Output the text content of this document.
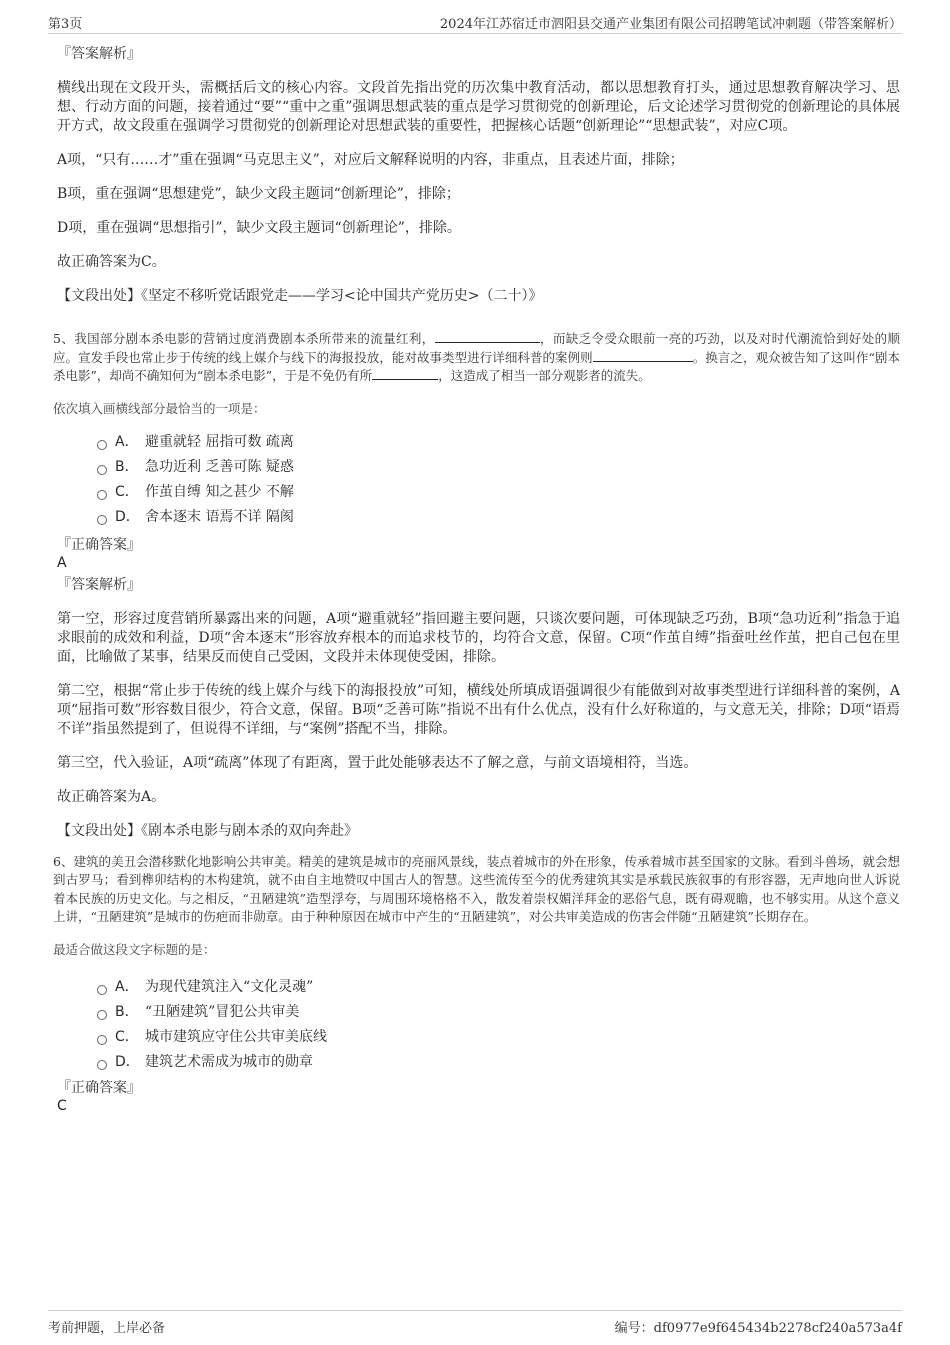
第3页	2024年江苏宿迁市泗阳县交通产业集团有限公司招聘笔试冲刺题（带答案解析）
『答案解析』

横线出现在文段开头，需概括后文的核心内容。文段首先指出党的历次集中教育活动，都以思想教育打头，通过思想教育解决学习、思想、行动方面的问题，接着通过“要”“重中之重”强调思想武装的重点是学习贯彻党的创新理论，后文论述学习贯彻党的创新理论的具体展开方式，故文段重在强调学习贯彻党的创新理论对思想武装的重要性，把握核心话题“创新理论”“思想武装”，对应C项。

A项，“只有……才”重在强调“马克思主义”，对应后文解释说明的内容，非重点，且表述片面，排除；

B项，重在强调“思想建党”，缺少文段主题词“创新理论”，排除；

D项，重在强调“思想指引”，缺少文段主题词“创新理论”，排除。

故正确答案为C。

【文段出处】《坚定不移听党话跟党走——学习<论中国共产党历史>（二十）》

5、我国部分剧本杀电影的营销过度消费剧本杀所带来的流量红利，	，而缺乏令受众眼前一亮的巧劲，以及对时代潮流恰到好处的顺应。宣发手段也常止步于传统的线上媒介与线下的海报投放，能对故事类型进行详细科普的案例则	。换言之，观众被告知了这叫作“剧本杀电影”，却尚不确知何为“剧本杀电影”，于是不免仍有所	，这造成了相当一部分观影者的流失。

依次填入画横线部分最恰当的一项是：
A． 避重就轻 屈指可数 疏离
B． 急功近利 乏善可陈 疑惑
C． 作茧自缚 知之甚少 不解
D． 舍本逐末 语焉不详 隔阂
『正确答案』
A
『答案解析』

第一空，形容过度营销所暴露出来的问题，A项“避重就轻”指回避主要问题，只谈次要问题，可体现缺乏巧劲，B项“急功近利”指急于追求眼前的成效和利益，D项“舍本逐末”形容放弃根本的而追求枝节的，均符合文意，保留。C项“作茧自缚”指蚕吐丝作茧，把自己包在里面，比喻做了某事，结果反而使自己受困，文段并未体现使受困，排除。

第二空，根据“常止步于传统的线上媒介与线下的海报投放”可知，横线处所填成语强调很少有能做到对故事类型进行详细科普的案例，A项“屈指可数”形容数目很少，符合文意，保留。B项“乏善可陈”指说不出有什么优点，没有什么好称道的，与文意无关，排除；D项“语焉不详”指虽然提到了，但说得不详细，与“案例”搭配不当，排除。

第三空，代入验证，A项“疏离”体现了有距离，置于此处能够表达不了解之意，与前文语境相符，当选。

故正确答案为A。

【文段出处】《剧本杀电影与剧本杀的双向奔赴》

6、建筑的美丑会潜移默化地影响公共审美。精美的建筑是城市的亮丽风景线，装点着城市的外在形象，传承着城市甚至国家的文脉。看到斗兽场，就会想到古罗马；看到榫卯结构的木构建筑，就不由自主地赞叹中国古人的智慧。这些流传至今的优秀建筑其实是承载民族叙事的有形容器，无声地向世人诉说着本民族的历史文化。与之相反，“丑陋建筑”造型浮夸，与周围环境格格不入，散发着崇权媚洋拜金的恶俗气息，既有碍观瞻，也不够实用。从这个意义上讲，“丑陋建筑”是城市的伤疤而非勋章。由于种种原因在城市中产生的“丑陋建筑”，对公共审美造成的伤害会伴随“丑陋建筑”长期存在。

最适合做这段文字标题的是：
A． 为现代建筑注入“文化灵魂”
B． “丑陋建筑”冒犯公共审美
C． 城市建筑应守住公共审美底线
D． 建筑艺术需成为城市的勋章
『正确答案』
C
考前押题，上岸必备	编号：df0977e9f645434b2278cf240a573a4f
